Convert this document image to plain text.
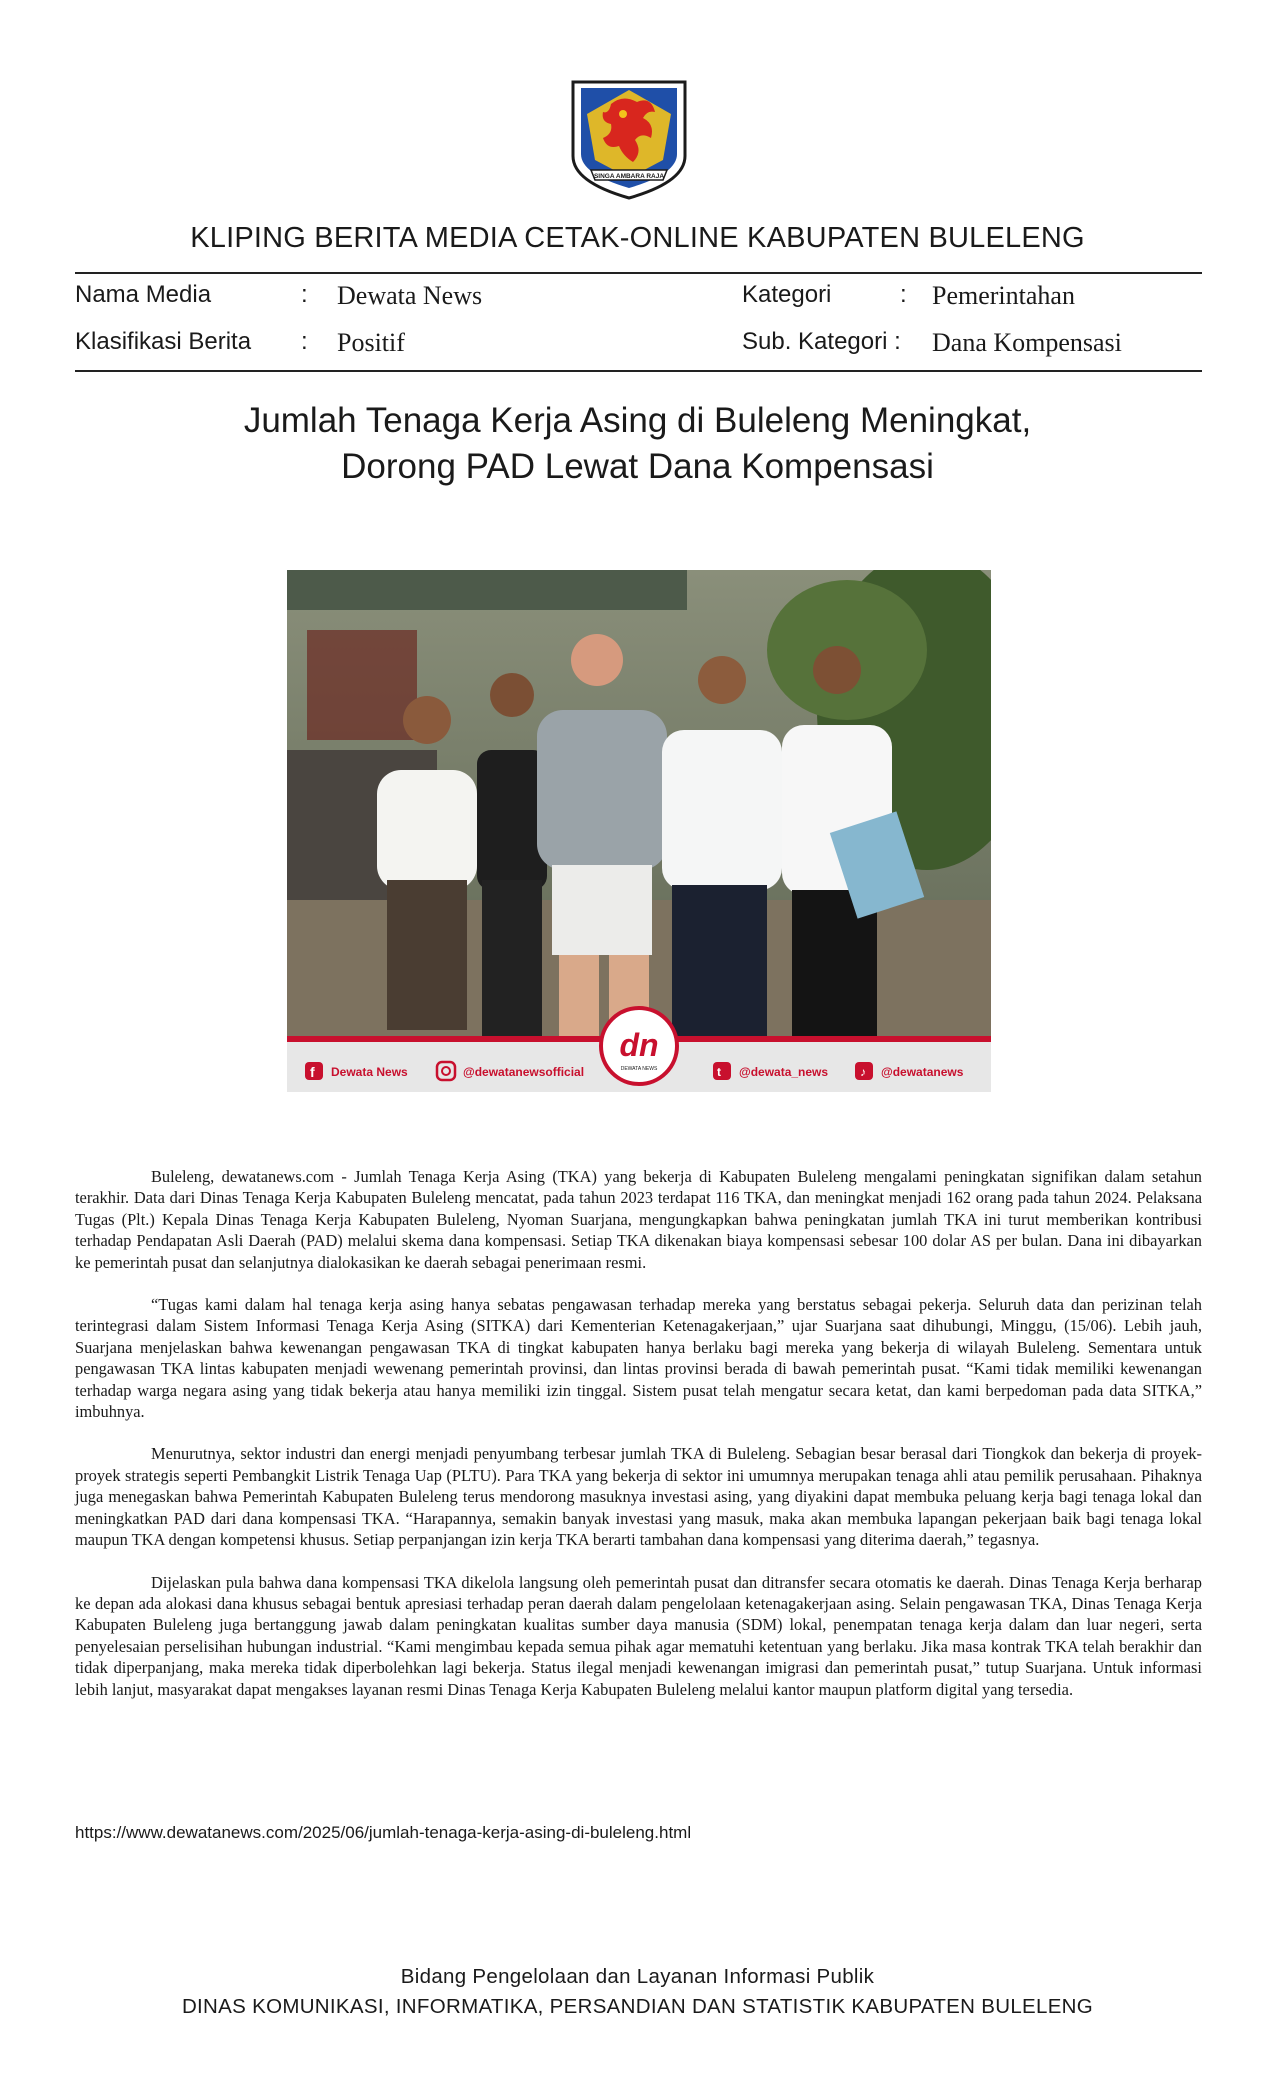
SINGA AMBARA RAJA
KLIPING BERITA MEDIA CETAK-ONLINE KABUPATEN BULELENG
Nama Media	: Dewata News	Kategori	: Pemerintahan
Klasifikasi Berita : Positif	Sub. Kategori : Dana Kompensasi
Jumlah Tenaga Kerja Asing di Buleleng Meningkat,
Dorong PAD Lewat Dana Kompensasi
dn
DEWATA NEWS
f Dewata News	@dewatanewsofficial	t @dewata_news	♪ @dewatanews

Buleleng, dewatanews.com - Jumlah Tenaga Kerja Asing (TKA) yang bekerja di Kabupaten Buleleng mengalami peningkatan signifikan dalam setahun terakhir. Data dari Dinas Tenaga Kerja Kabupaten Buleleng mencatat, pada tahun 2023 terdapat 116 TKA, dan meningkat menjadi 162 orang pada tahun 2024. Pelaksana Tugas (Plt.) Kepala Dinas Tenaga Kerja Kabupaten Buleleng, Nyoman Suarjana, mengungkapkan bahwa peningkatan jumlah TKA ini turut memberikan kontribusi terhadap Pendapatan Asli Daerah (PAD) melalui skema dana kompensasi. Setiap TKA dikenakan biaya kompensasi sebesar 100 dolar AS per bulan. Dana ini dibayarkan ke pemerintah pusat dan selanjutnya dialokasikan ke daerah sebagai penerimaan resmi.

“Tugas kami dalam hal tenaga kerja asing hanya sebatas pengawasan terhadap mereka yang berstatus sebagai pekerja. Seluruh data dan perizinan telah terintegrasi dalam Sistem Informasi Tenaga Kerja Asing (SITKA) dari Kementerian Ketenagakerjaan,” ujar Suarjana saat dihubungi, Minggu, (15/06). Lebih jauh, Suarjana menjelaskan bahwa kewenangan pengawasan TKA di tingkat kabupaten hanya berlaku bagi mereka yang bekerja di wilayah Buleleng. Sementara untuk pengawasan TKA lintas kabupaten menjadi wewenang pemerintah provinsi, dan lintas provinsi berada di bawah pemerintah pusat. “Kami tidak memiliki kewenangan terhadap warga negara asing yang tidak bekerja atau hanya memiliki izin tinggal. Sistem pusat telah mengatur secara ketat, dan kami berpedoman pada data SITKA,” imbuhnya.

Menurutnya, sektor industri dan energi menjadi penyumbang terbesar jumlah TKA di Buleleng. Sebagian besar berasal dari Tiongkok dan bekerja di proyek-proyek strategis seperti Pembangkit Listrik Tenaga Uap (PLTU). Para TKA yang bekerja di sektor ini umumnya merupakan tenaga ahli atau pemilik perusahaan. Pihaknya juga menegaskan bahwa Pemerintah Kabupaten Buleleng terus mendorong masuknya investasi asing, yang diyakini dapat membuka peluang kerja bagi tenaga lokal dan meningkatkan PAD dari dana kompensasi TKA. “Harapannya, semakin banyak investasi yang masuk, maka akan membuka lapangan pekerjaan baik bagi tenaga lokal maupun TKA dengan kompetensi khusus. Setiap perpanjangan izin kerja TKA berarti tambahan dana kompensasi yang diterima daerah,” tegasnya.

Dijelaskan pula bahwa dana kompensasi TKA dikelola langsung oleh pemerintah pusat dan ditransfer secara otomatis ke daerah. Dinas Tenaga Kerja berharap ke depan ada alokasi dana khusus sebagai bentuk apresiasi terhadap peran daerah dalam pengelolaan ketenagakerjaan asing. Selain pengawasan TKA, Dinas Tenaga Kerja Kabupaten Buleleng juga bertanggung jawab dalam peningkatan kualitas sumber daya manusia (SDM) lokal, penempatan tenaga kerja dalam dan luar negeri, serta penyelesaian perselisihan hubungan industrial. “Kami mengimbau kepada semua pihak agar mematuhi ketentuan yang berlaku. Jika masa kontrak TKA telah berakhir dan tidak diperpanjang, maka mereka tidak diperbolehkan lagi bekerja. Status ilegal menjadi kewenangan imigrasi dan pemerintah pusat,” tutup Suarjana. Untuk informasi lebih lanjut, masyarakat dapat mengakses layanan resmi Dinas Tenaga Kerja Kabupaten Buleleng melalui kantor maupun platform digital yang tersedia.

https://www.dewatanews.com/2025/06/jumlah-tenaga-kerja-asing-di-buleleng.html
Bidang Pengelolaan dan Layanan Informasi Publik
DINAS KOMUNIKASI, INFORMATIKA, PERSANDIAN DAN STATISTIK KABUPATEN BULELENG
